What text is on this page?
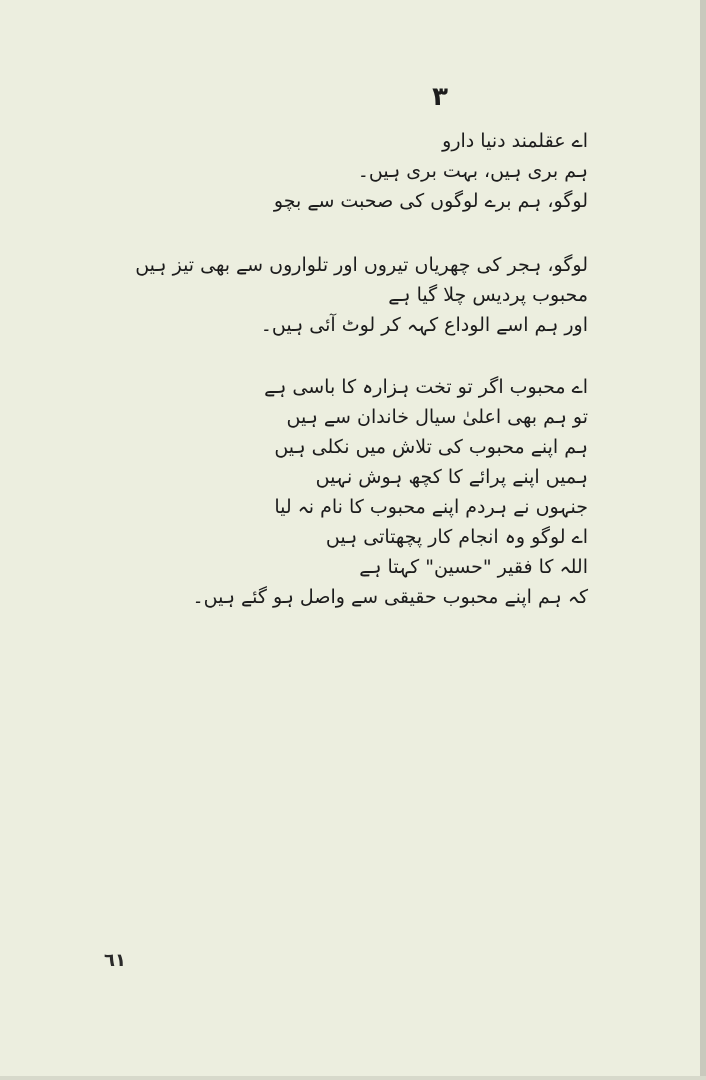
۳
اے عقلمند دنیا دارو
ہم بری ہیں، بہت بری ہیں۔
لوگو، ہم برے لوگوں کی صحبت سے بچو
لوگو، ہجر کی چھریاں تیروں اور تلواروں سے بھی تیز ہیں
محبوب پردیس چلا گیا ہے
اور ہم اسے الوداع کہہ کر لوٹ آئی ہیں۔
اے محبوب اگر تو تخت ہزارہ کا باسی ہے
تو ہم بھی اعلیٰ سیال خاندان سے ہیں
ہم اپنے محبوب کی تلاش میں نکلی ہیں
ہمیں اپنے پرائے کا کچھ ہوش نہیں
جنہوں نے ہردم اپنے محبوب کا نام نہ لیا
اے لوگو وہ انجام کار پچھتاتی ہیں
اللہ کا فقیر "حسین" کہتا ہے
کہ ہم اپنے محبوب حقیقی سے واصل ہو گئے ہیں۔
٦١
